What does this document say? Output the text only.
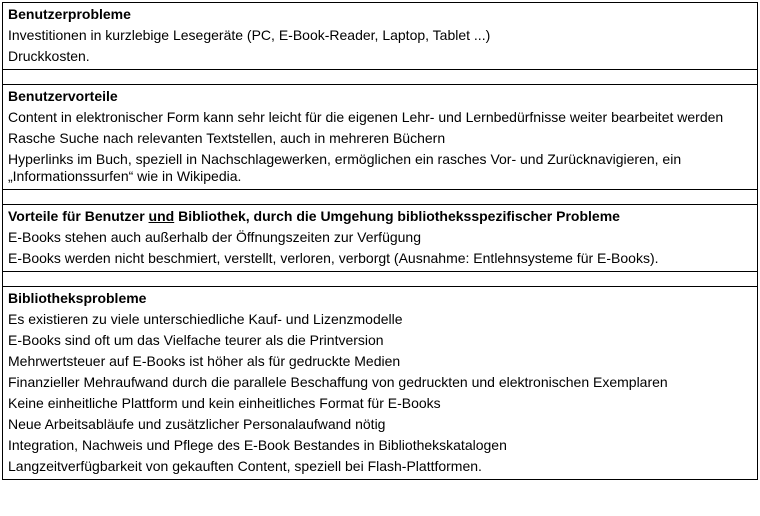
Benutzerprobleme
Investitionen in kurzlebige Lesegeräte (PC, E-Book-Reader, Laptop, Tablet ...)
Druckkosten.

Benutzervorteile
Content in elektronischer Form kann sehr leicht für die eigenen Lehr- und Lernbedürfnisse weiter bearbeitet werden
Rasche Suche nach relevanten Textstellen, auch in mehreren Büchern
Hyperlinks im Buch, speziell in Nachschlagewerken, ermöglichen ein rasches Vor- und Zurücknavigieren, ein „Informationssurfen“ wie in Wikipedia.

Vorteile für Benutzer und Bibliothek, durch die Umgehung bibliotheksspezifischer Probleme
E-Books stehen auch außerhalb der Öffnungszeiten zur Verfügung
E-Books werden nicht beschmiert, verstellt, verloren, verborgt (Ausnahme: Entlehnsysteme für E-Books).

Bibliotheksprobleme
Es existieren zu viele unterschiedliche Kauf- und Lizenzmodelle
E-Books sind oft um das Vielfache teurer als die Printversion
Mehrwertsteuer auf E-Books ist höher als für gedruckte Medien
Finanzieller Mehraufwand durch die parallele Beschaffung von gedruckten und elektronischen Exemplaren
Keine einheitliche Plattform und kein einheitliches Format für E-Books
Neue Arbeitsabläufe und zusätzlicher Personalaufwand nötig
Integration, Nachweis und Pflege des E-Book Bestandes in Bibliothekskatalogen
Langzeitverfügbarkeit von gekauften Content, speziell bei Flash-Plattformen.
